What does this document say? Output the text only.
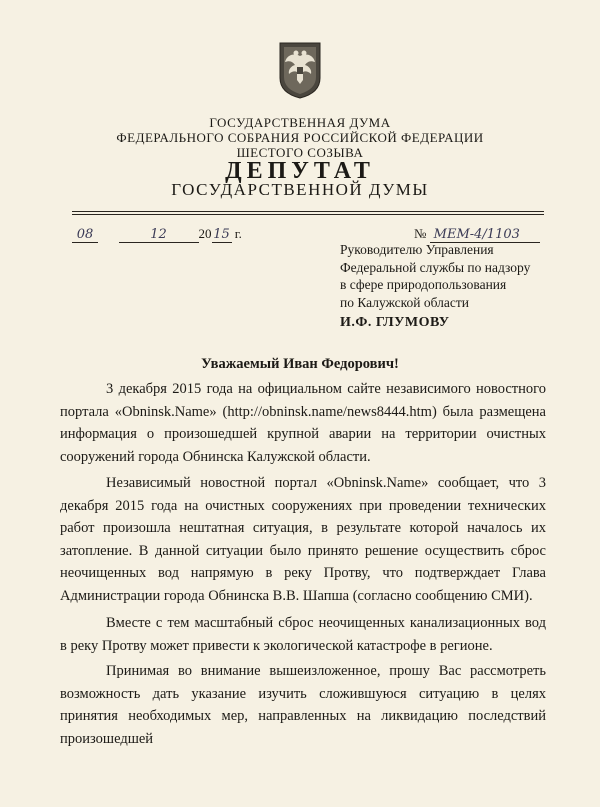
ГОСУДАРСТВЕННАЯ ДУМА
ФЕДЕРАЛЬНОГО СОБРАНИЯ РОССИЙСКОЙ ФЕДЕРАЦИИ
ШЕСТОГО СОЗЫВА
ДЕПУТАТ
ГОСУДАРСТВЕННОЙ ДУМЫ
08	12 20 15 г.	№ МЕМ-4/1103
Руководителю Управления
Федеральной службы по надзору
в сфере природопользования
по Калужской области
И.Ф. ГЛУМОВУ
Уважаемый Иван Федорович!
3 декабря 2015 года на официальном сайте независимого новостного портала «Obninsk.Name» (http://obninsk.name/news8444.htm) была размещена информация о произошедшей крупной аварии на территории очистных сооружений города Обнинска Калужской области.
Независимый новостной портал «Obninsk.Name» сообщает, что 3 декабря 2015 года на очистных сооружениях при проведении технических работ произошла нештатная ситуация, в результате которой началось их затопление. В данной ситуации было принято решение осуществить сброс неочищенных вод напрямую в реку Протву, что подтверждает Глава Администрации города Обнинска В.В. Шапша (согласно сообщению СМИ).
Вместе с тем масштабный сброс неочищенных канализационных вод в реку Протву может привести к экологической катастрофе в регионе.
Принимая во внимание вышеизложенное, прошу Вас рассмотреть возможность дать указание изучить сложившуюся ситуацию в целях принятия необходимых мер, направленных на ликвидацию последствий произошедшей
